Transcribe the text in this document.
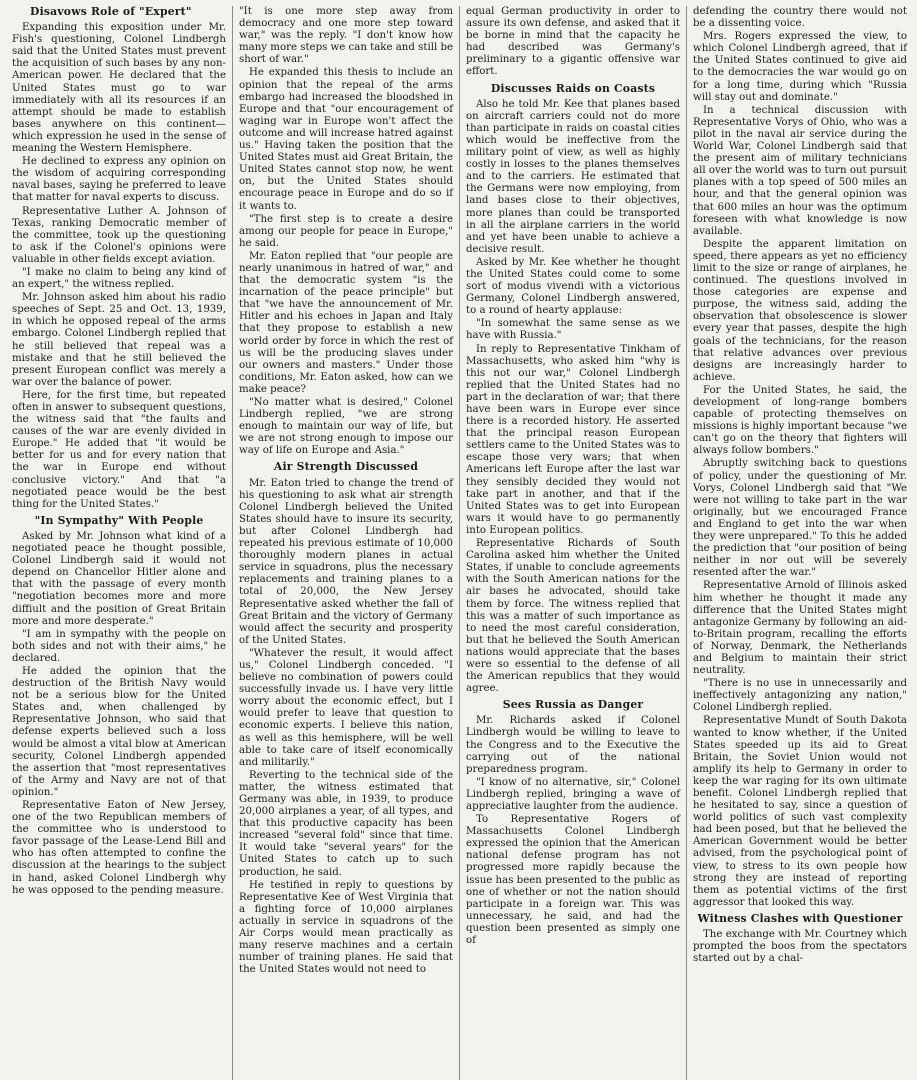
Disavows Role of "Expert"

Expanding this exposition under Mr. Fish's questioning, Colonel Lindbergh said that the United States must prevent the acquisition of such bases by any non-American power. He declared that the United States must go to war immediately with all its resources if an attempt should be made to establish bases anywhere on this continent—which expression he used in the sense of meaning the Western Hemisphere.

He declined to express any opinion on the wisdom of acquiring corresponding naval bases, saying he preferred to leave that matter for naval experts to discuss.

Representative Luther A. Johnson of Texas, ranking Democratic member of the committee, took up the questioning to ask if the Colonel's opinions were valuable in other fields except aviation.

"I make no claim to being any kind of an expert," the witness replied.

Mr. Johnson asked him about his radio speeches of Sept. 25 and Oct. 13, 1939, in which he opposed repeal of the arms embargo. Colonel Lindbergh replied that he still believed that repeal was a mistake and that he still believed the present European conflict was merely a war over the balance of power.

Here, for the first time, but repeated often in answer to subsequent questions, the witness said that "the faults and causes of the war are evenly divided in Europe." He added that "it would be better for us and for every nation that the war in Europe end without conclusive victory." And that "a negotiated peace would be the best thing for the United States."

"In Sympathy" With People

Asked by Mr. Johnson what kind of a negotiated peace he thought possible, Colonel Lindbergh said it would not depend on Chancellor Hitler alone and that with the passage of every month "negotiation becomes more and more diffiult and the position of Great Britain more and more desperate."

"I am in sympathy with the people on both sides and not with their aims," he declared.

He added the opinion that the destruction of the British Navy would not be a serious blow for the United States and, when challenged by Representative Johnson, who said that defense experts believed such a loss would be almost a vital blow at American security, Colonel Lindbergh appended the assertion that "most representatives of the Army and Navy are not of that opinion."

Representative Eaton of New Jersey, one of the two Republican members of the committee who is understood to favor passage of the Lease-Lend Bill and who has often attempted to confine the discussion at the hearings to the subject in hand, asked Colonel Lindbergh why he was opposed to the pending measure.

"It is one more step away from democracy and one more step toward war," was the reply. "I don't know how many more steps we can take and still be short of war."

He expanded this thesis to include an opinion that the repeal of the arms embargo had increased the bloodshed in Europe and that "our encouragement of waging war in Europe won't affect the outcome and will increase hatred against us." Having taken the position that the United States must aid Great Britain, the United States cannot stop now, he went on, but the United States should encourage peace in Europe and do so if it wants to.

"The first step is to create a desire among our people for peace in Europe," he said.

Mr. Eaton replied that "our people are nearly unanimous in hatred of war," and that the democratic system "is the incarnation of the peace principle" but that "we have the announcement of Mr. Hitler and his echoes in Japan and Italy that they propose to establish a new world order by force in which the rest of us will be the producing slaves under our owners and masters." Under those conditions, Mr. Eaton asked, how can we make peace?

"No matter what is desired," Colonel Lindbergh replied, "we are strong enough to maintain our way of life, but we are not strong enough to impose our way of life on Europe and Asia."

Air Strength Discussed

Mr. Eaton tried to change the trend of his questioning to ask what air strength Colonel Lindbergh believed the United States should have to insure its security, but after Colonel Lindbergh had repeated his previous estimate of 10,000 thoroughly modern planes in actual service in squadrons, plus the necessary replacements and training planes to a total of 20,000, the New Jersey Representative asked whether the fall of Great Britain and the victory of Germany would affect the security and prosperity of the United States.

"Whatever the result, it would affect us," Colonel Lindbergh conceded. "I believe no combination of powers could successfully invade us. I have very little worry about the economic effect, but I would prefer to leave that question to economic experts. I believe this nation, as well as this hemisphere, will be well able to take care of itself economically and militarily."

Reverting to the technical side of the matter, the witness estimated that Germany was able, in 1939, to produce 20,000 airplanes a year, of all types, and that this productive capacity has been increased "several fold" since that time. It would take "several years" for the United States to catch up to such production, he said.

He testified in reply to questions by Representative Kee of West Virginia that a fighting force of 10,000 airplanes actually in service in squadrons of the Air Corps would mean practically as many reserve machines and a certain number of training planes. He said that the United States would not need to

equal German productivity in order to assure its own defense, and asked that it be borne in mind that the capacity he had described was Germany's preliminary to a gigantic offensive war effort.

Discusses Raids on Coasts

Also he told Mr. Kee that planes based on aircraft carriers could not do more than participate in raids on coastal cities which would be ineffective from the military point of view, as well as highly costly in losses to the planes themselves and to the carriers. He estimated that the Germans were now employing, from land bases close to their objectives, more planes than could be transported in all the airplane carriers in the world and yet have been unable to achieve a decisive result.

Asked by Mr. Kee whether he thought the United States could come to some sort of modus vivendi with a victorious Germany, Colonel Lindbergh answered, to a round of hearty applause:

"In somewhat the same sense as we have with Russia."

In reply to Representative Tinkham of Massachusetts, who asked him "why is this not our war," Colonel Lindbergh replied that the United States had no part in the declaration of war; that there have been wars in Europe ever since there is a recorded history. He asserted that the principal reason European settlers came to the United States was to escape those very wars; that when Americans left Europe after the last war they sensibly decided they would not take part in another, and that if the United States was to get into European wars it would have to go permanently into European politics.

Representative Richards of South Carolina asked him whether the United States, if unable to conclude agreements with the South American nations for the air bases he advocated, should take them by force. The witness replied that this was a matter of such importance as to need the most careful consideration, but that he believed the South American nations would appreciate that the bases were so essential to the defense of all the American republics that they would agree.

Sees Russia as Danger

Mr. Richards asked if Colonel Lindbergh would be willing to leave to the Congress and to the Executive the carrying out of the national preparedness program.

"I know of no alternative, sir," Colonel Lindbergh replied, bringing a wave of appreciative laughter from the audience.

To Representative Rogers of Massachusetts Colonel Lindbergh expressed the opinion that the American national defense program has not progressed more rapidly because the issue has been presented to the public as one of whether or not the nation should participate in a foreign war. This was unnecessary, he said, and had the question been presented as simply one of

defending the country there would not be a dissenting voice.

Mrs. Rogers expressed the view, to which Colonel Lindbergh agreed, that if the United States continued to give aid to the democracies the war would go on for a long time, during which "Russia will stay out and dominate."

In a technical discussion with Representative Vorys of Ohio, who was a pilot in the naval air service during the World War, Colonel Lindbergh said that the present aim of military technicians all over the world was to turn out pursuit planes with a top speed of 500 miles an hour, and that the general opinion was that 600 miles an hour was the optimum foreseen with what knowledge is now available.

Despite the apparent limitation on speed, there appears as yet no efficiency limit to the size or range of airplanes, he continued. The questions involved in those categories are expense and purpose, the witness said, adding the observation that obsolescence is slower every year that passes, despite the high goals of the technicians, for the reason that relative advances over previous designs are increasingly harder to achieve.

For the United States, he said, the development of long-range bombers capable of protecting themselves on missions is highly important because "we can't go on the theory that fighters will always follow bombers."

Abruptly switching back to questions of policy, under the questioning of Mr. Vorys, Colonel Lindbergh said that "We were not willing to take part in the war originally, but we encouraged France and England to get into the war when they were unprepared." To this he added the prediction that "our position of being neither in nor out will be severely resented after the war."

Representative Arnold of Illinois asked him whether he thought it made any difference that the United States might antagonize Germany by following an aid-to-Britain program, recalling the efforts of Norway, Denmark, the Netherlands and Belgium to maintain their strict neutrality.

"There is no use in unnecessarily and ineffectively antagonizing any nation," Colonel Lindbergh replied.

Representative Mundt of South Dakota wanted to know whether, if the United States speeded up its aid to Great Britain, the Soviet Union would not amplify its help to Germany in order to keep the war raging for its own ultimate benefit. Colonel Lindbergh replied that he hesitated to say, since a question of world politics of such vast complexity had been posed, but that he believed the American Government would be better advised, from the psychological point of view, to stress to its own people how strong they are instead of reporting them as potential victims of the first aggressor that looked this way.

Witness Clashes with Questioner

The exchange with Mr. Courtney which prompted the boos from the spectators started out by a chal-
